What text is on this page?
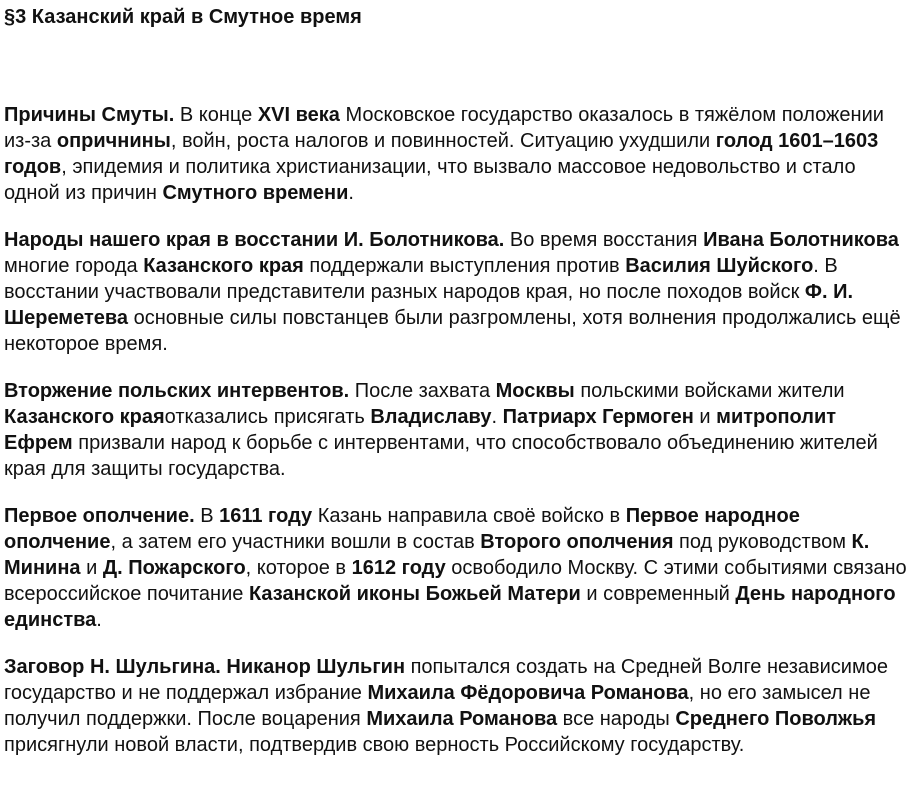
§3 Казанский край в Смутное время

Причины Смуты. В конце XVI века Московское государство оказалось в тяжёлом положении из-за опричнины, войн, роста налогов и повинностей. Ситуацию ухудшили голод 1601–1603 годов, эпидемия и политика христианизации, что вызвало массовое недовольство и стало одной из причин Смутного времени.

Народы нашего края в восстании И. Болотникова. Во время восстания Ивана Болотникова многие города Казанского края поддержали выступления против Василия Шуйского. В восстании участвовали представители разных народов края, но после походов войск Ф. И. Шереметева основные силы повстанцев были разгромлены, хотя волнения продолжались ещё некоторое время.

Вторжение польских интервентов. После захвата Москвы польскими войсками жители Казанского краяотказались присягать Владиславу. Патриарх Гермоген и митрополит Ефрем призвали народ к борьбе с интервентами, что способствовало объединению жителей края для защиты государства.

Первое ополчение. В 1611 году Казань направила своё войско в Первое народное ополчение, а затем его участники вошли в состав Второго ополчения под руководством К. Минина и Д. Пожарского, которое в 1612 году освободило Москву. С этими событиями связано всероссийское почитание Казанской иконы Божьей Матери и современный День народного единства.

Заговор Н. Шульгина. Никанор Шульгин попытался создать на Средней Волге независимое государство и не поддержал избрание Михаила Фёдоровича Романова, но его замысел не получил поддержки. После воцарения Михаила Романова все народы Среднего Поволжья присягнули новой власти, подтвердив свою верность Российскому государству.
